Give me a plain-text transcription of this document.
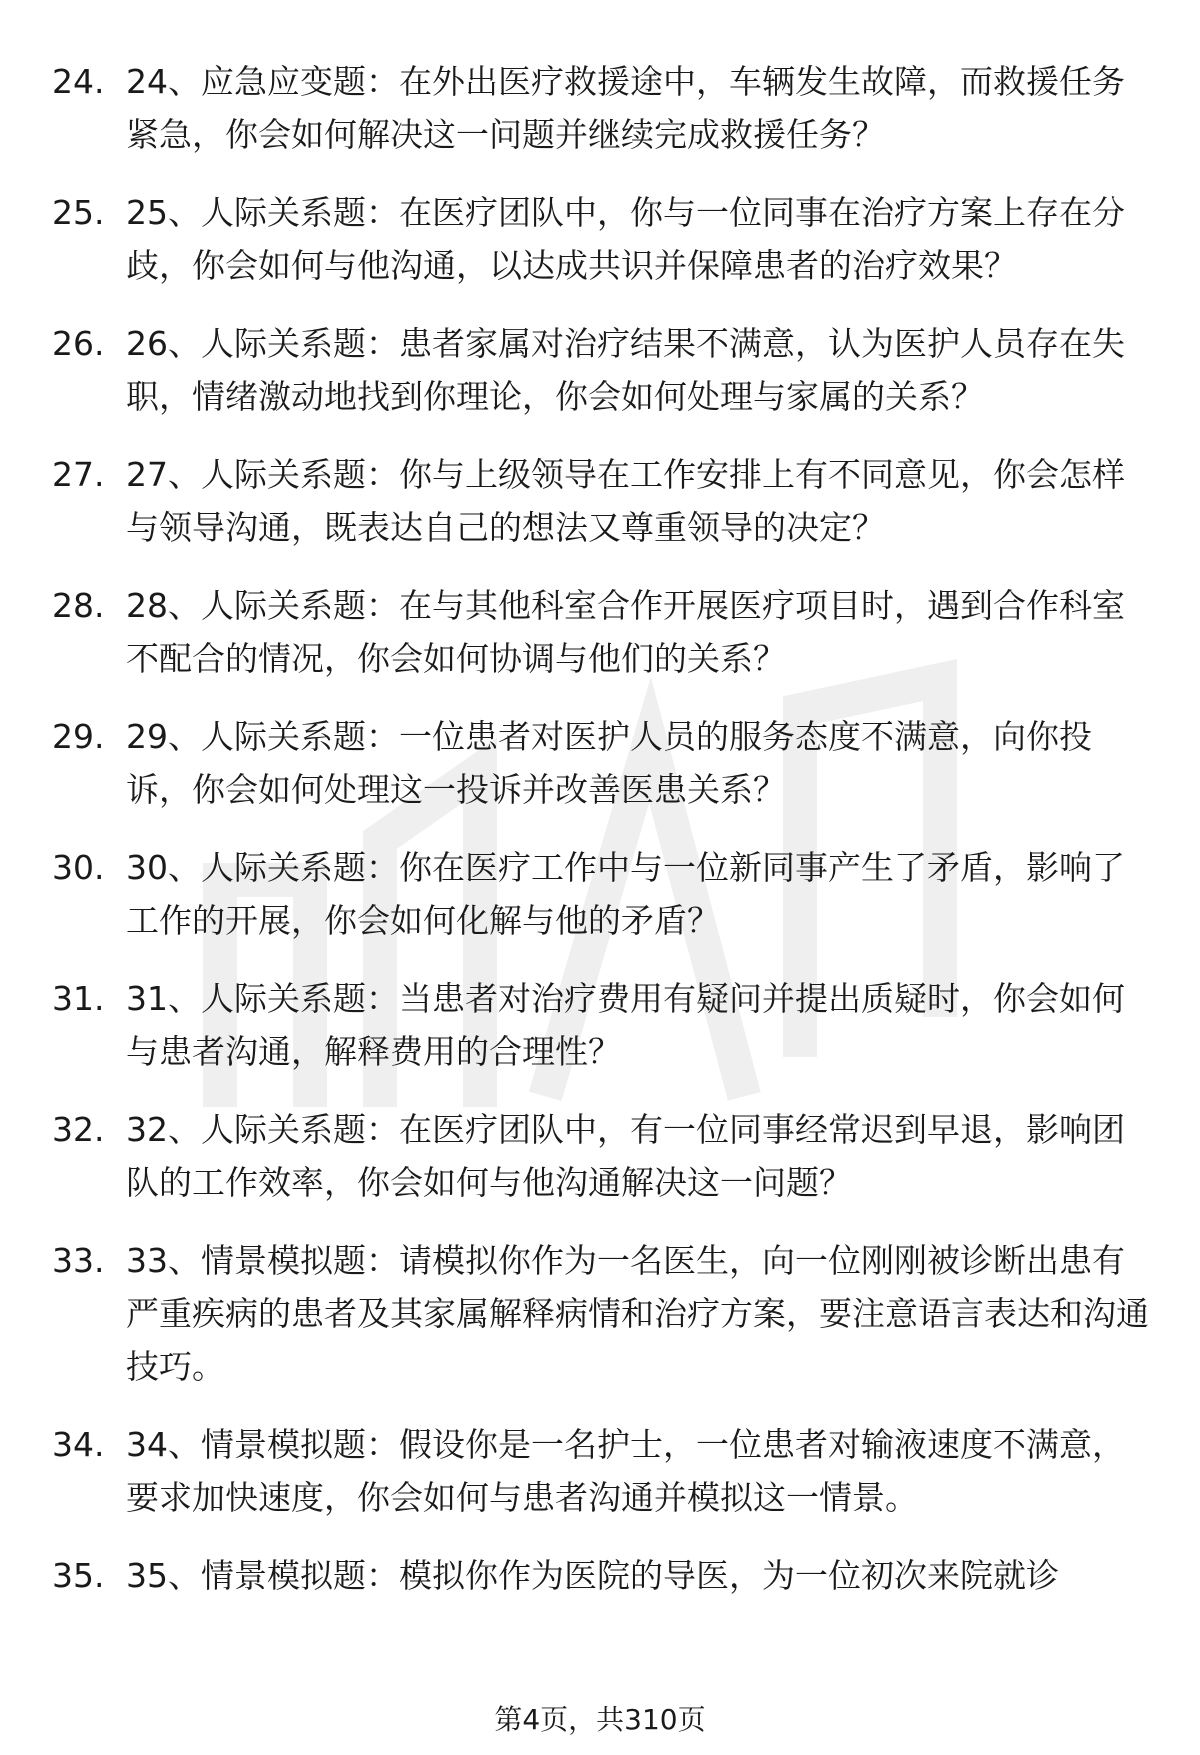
24. 24、应急应变题：在外出医疗救援途中，车辆发生故障，而救援任务紧急，你会如何解决这一问题并继续完成救援任务？
25. 25、人际关系题：在医疗团队中，你与一位同事在治疗方案上存在分歧，你会如何与他沟通，以达成共识并保障患者的治疗效果？
26. 26、人际关系题：患者家属对治疗结果不满意，认为医护人员存在失职，情绪激动地找到你理论，你会如何处理与家属的关系？
27. 27、人际关系题：你与上级领导在工作安排上有不同意见，你会怎样与领导沟通，既表达自己的想法又尊重领导的决定？
28. 28、人际关系题：在与其他科室合作开展医疗项目时，遇到合作科室不配合的情况，你会如何协调与他们的关系？
29. 29、人际关系题：一位患者对医护人员的服务态度不满意，向你投诉，你会如何处理这一投诉并改善医患关系？
30. 30、人际关系题：你在医疗工作中与一位新同事产生了矛盾，影响了工作的开展，你会如何化解与他的矛盾？
31. 31、人际关系题：当患者对治疗费用有疑问并提出质疑时，你会如何与患者沟通，解释费用的合理性？
32. 32、人际关系题：在医疗团队中，有一位同事经常迟到早退，影响团队的工作效率，你会如何与他沟通解决这一问题？
33. 33、情景模拟题：请模拟你作为一名医生，向一位刚刚被诊断出患有严重疾病的患者及其家属解释病情和治疗方案，要注意语言表达和沟通技巧。
34. 34、情景模拟题：假设你是一名护士，一位患者对输液速度不满意，要求加快速度，你会如何与患者沟通并模拟这一情景。
35. 35、情景模拟题：模拟你作为医院的导医，为一位初次来院就诊
第4页，共310页
